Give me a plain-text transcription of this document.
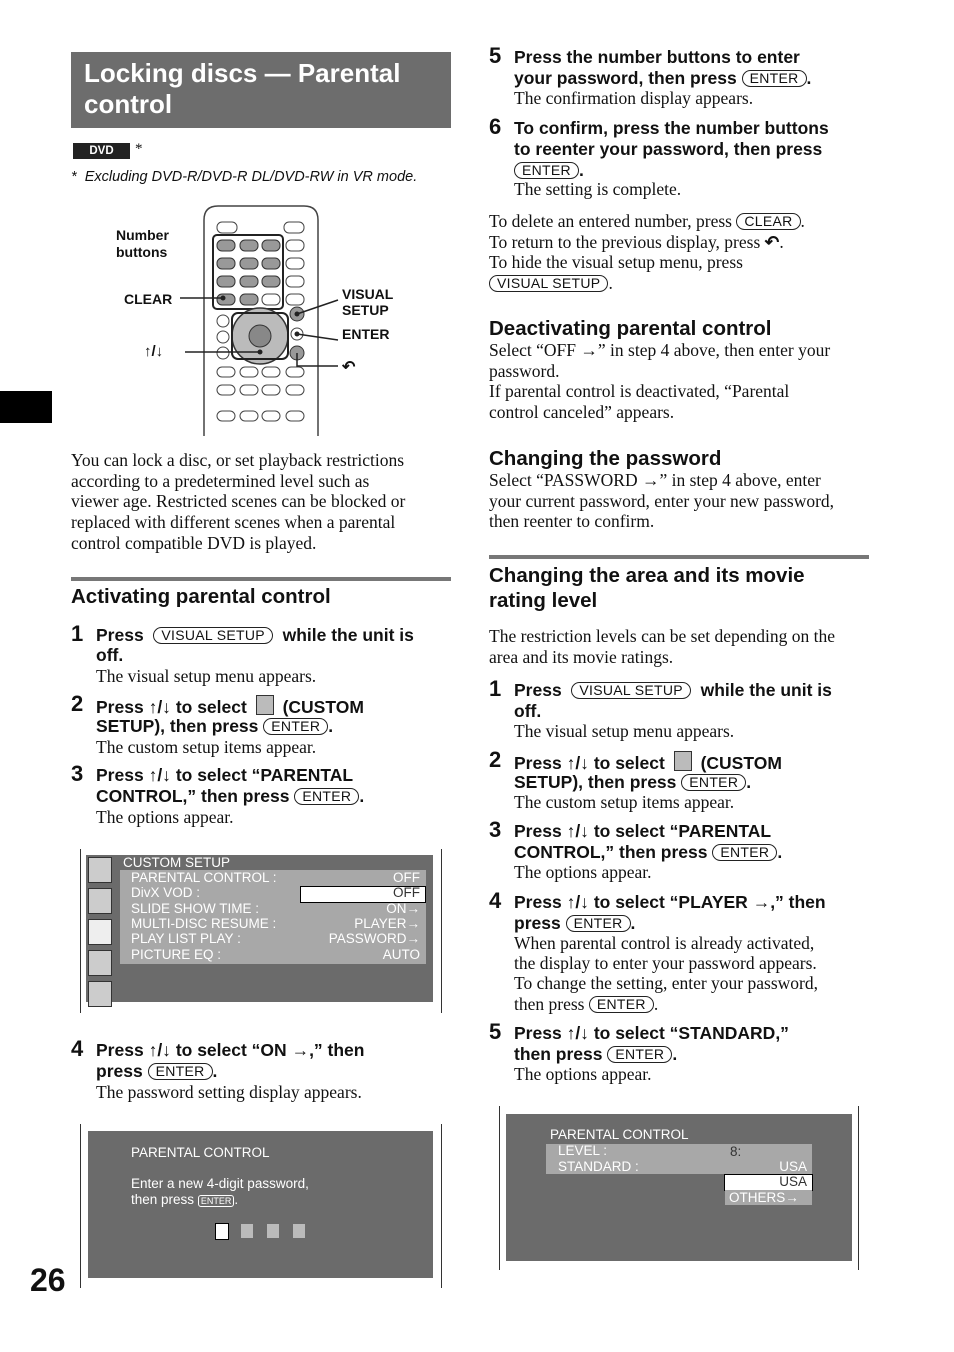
Locking discs — Parental control
DVD	*
* Excluding DVD-R/DVD-R DL/DVD-RW in VR mode.
Number
buttons
CLEAR
↑/↓
VISUAL
SETUP
ENTER
↶
You can lock a disc, or set playback restrictions
according to a predetermined level such as
viewer age. Restricted scenes can be blocked or
replaced with different scenes when a parental
control compatible DVD is played.
Activating parental control
1 Press VISUAL SETUP while the unit is
off.
The visual setup menu appears.
2 Press ↑/↓ to select (CUSTOM
SETUP), then press ENTER .
The custom setup items appear.
3 Press ↑/↓ to select “PARENTAL
CONTROL,” then press ENTER .
The options appear.
CUSTOM SETUP
PARENTAL CONTROL :	OFF
DivX VOD :	OFF
SLIDE SHOW TIME :	ON→
MULTI-DISC RESUME :	PLAYER→
PLAY LIST PLAY :	PASSWORD→
PICTURE EQ :	AUTO
4 Press ↑/↓ to select “ON →,” then
press ENTER .
The password setting display appears.
PARENTAL CONTROL
Enter a new 4-digit password,
then press ENTER .
26
5 Press the number buttons to enter
your password, then press ENTER .
The confirmation display appears.
6 To confirm, press the number buttons
to reenter your password, then press
ENTER .
The setting is complete.
To delete an entered number, press CLEAR .
To return to the previous display, press ↶.
To hide the visual setup menu, press
VISUAL SETUP .
Deactivating parental control
Select “OFF →” in step 4 above, then enter your
password.
If parental control is deactivated, “Parental
control canceled” appears.
Changing the password
Select “PASSWORD →” in step 4 above, enter
your current password, enter your new password,
then reenter to confirm.
Changing the area and its movie
rating level
The restriction levels can be set depending on the
area and its movie ratings.
1 Press VISUAL SETUP while the unit is
off.
The visual setup menu appears.
2 Press ↑/↓ to select (CUSTOM
SETUP), then press ENTER .
The custom setup items appear.
3 Press ↑/↓ to select “PARENTAL
CONTROL,” then press ENTER .
The options appear.
4 Press ↑/↓ to select “PLAYER →,” then
press ENTER .
When parental control is already activated,
the display to enter your password appears.
To change the setting, enter your password,
then press ENTER .
5 Press ↑/↓ to select “STANDARD,”
then press ENTER .
The options appear.
PARENTAL CONTROL
LEVEL :	8:
STANDARD :	USA
USA
OTHERS→
